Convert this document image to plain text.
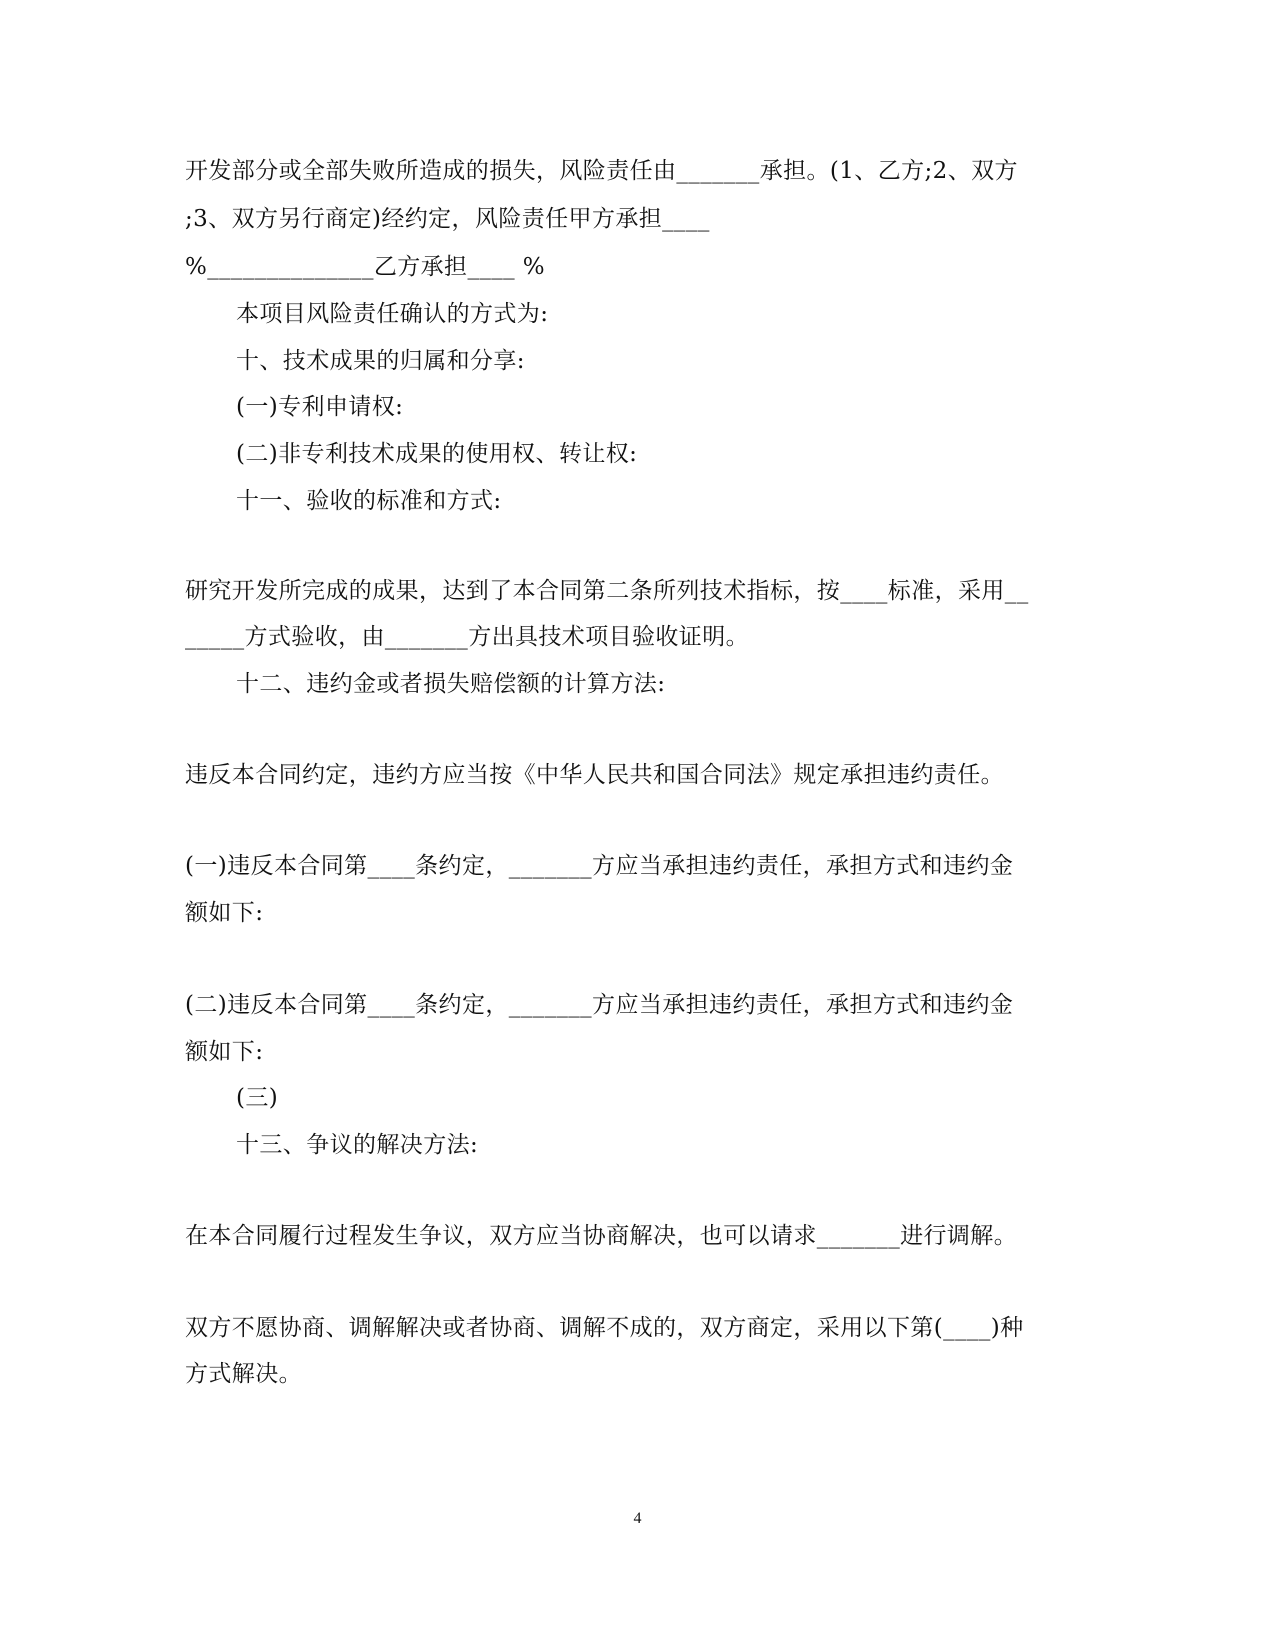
开发部分或全部失败所造成的损失，风险责任由_______承担。(1、乙方;2、双方
;3、双方另行商定)经约定，风险责任甲方承担____
%______________乙方承担____ %
本项目风险责任确认的方式为:
十、技术成果的归属和分享:
(一)专利申请权:
(二)非专利技术成果的使用权、转让权:
十一、验收的标准和方式:
研究开发所完成的成果，达到了本合同第二条所列技术指标，按____标准，采用__
_____方式验收，由_______方出具技术项目验收证明。
十二、违约金或者损失赔偿额的计算方法:
违反本合同约定，违约方应当按《中华人民共和国合同法》规定承担违约责任。
(一)违反本合同第____条约定，_______方应当承担违约责任，承担方式和违约金
额如下:
(二)违反本合同第____条约定，_______方应当承担违约责任，承担方式和违约金
额如下:
(三)
十三、争议的解决方法:
在本合同履行过程发生争议，双方应当协商解决，也可以请求_______进行调解。
双方不愿协商、调解解决或者协商、调解不成的，双方商定，采用以下第(____)种
方式解决。
4
